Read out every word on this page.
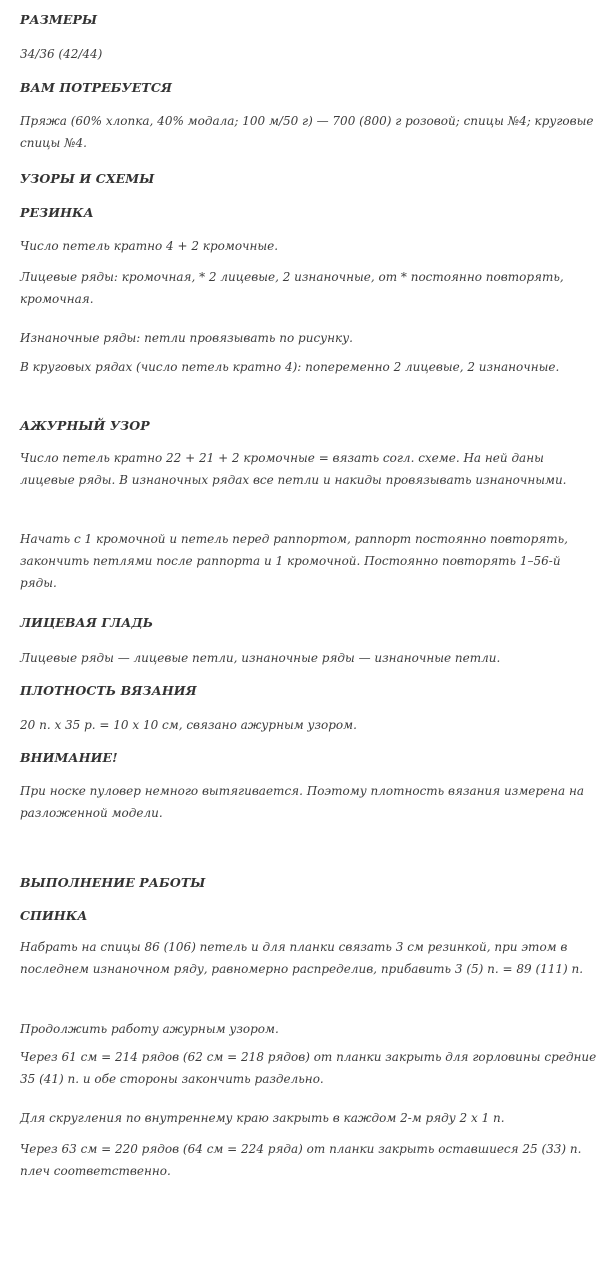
РАЗМЕРЫ
34/36 (42/44)
ВАМ ПОТРЕБУЕТСЯ
Пряжа (60% хлопка, 40% модала; 100 м/50 г) — 700 (800) г розовой; спицы №4; круговые спицы №4.
УЗОРЫ И СХЕМЫ
РЕЗИНКА
Число петель кратно 4 + 2 кромочные.
Лицевые ряды: кромочная, * 2 лицевые, 2 изнаночные, от * постоянно повторять, кромочная.
Изнаночные ряды: петли провязывать по рисунку.
В круговых рядах (число петель кратно 4): попеременно 2 лицевые, 2 изнаночные.
АЖУРНЫЙ УЗОР
Число петель кратно 22 + 21 + 2 кромочные = вязать согл. схеме. На ней даны лицевые ряды. В изнаночных рядах все петли и накиды провязывать изнаночными.
Начать с 1 кромочной и петель перед раппортом, раппорт постоянно повторять, закончить петлями после раппорта и 1 кромочной. Постоянно повторять 1–56-й ряды.
ЛИЦЕВАЯ ГЛАДЬ
Лицевые ряды — лицевые петли, изнаночные ряды — изнаночные петли.
ПЛОТНОСТЬ ВЯЗАНИЯ
20 п. х 35 р. = 10 х 10 см, связано ажурным узором.
ВНИМАНИЕ!
При носке пуловер немного вытягивается. Поэтому плотность вязания измерена на разложенной модели.
ВЫПОЛНЕНИЕ РАБОТЫ
СПИНКА
Набрать на спицы 86 (106) петель и для планки связать 3 см резинкой, при этом в последнем изнаночном ряду, равномерно распределив, прибавить 3 (5) п. = 89 (111) п.
Продолжить работу ажурным узором.
Через 61 см = 214 рядов (62 см = 218 рядов) от планки закрыть для горловины средние 35 (41) п. и обе стороны закончить раздельно.
Для скругления по внутреннему краю закрыть в каждом 2-м ряду 2 х 1 п.
Через 63 см = 220 рядов (64 см = 224 ряда) от планки закрыть оставшиеся 25 (33) п. плеч соответственно.
